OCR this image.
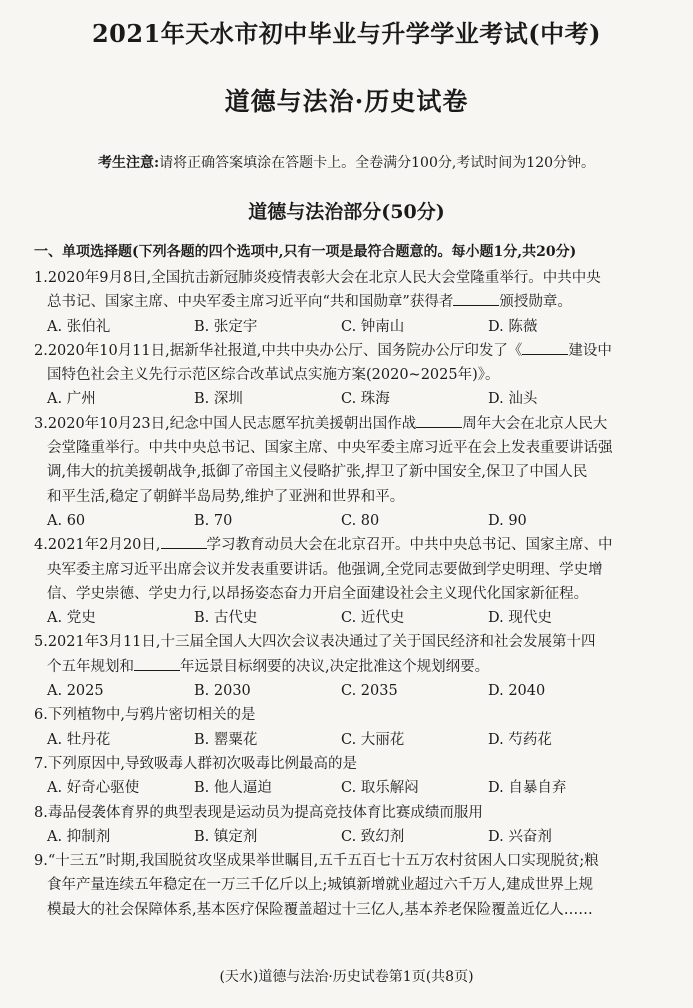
2021年天水市初中毕业与升学学业考试(中考)
道德与法治·历史试卷
考生注意:请将正确答案填涂在答题卡上。全卷满分100分,考试时间为120分钟。
道德与法治部分(50分)
一、单项选择题(下列各题的四个选项中,只有一项是最符合题意的。每小题1分,共20分)
1.2020年9月8日,全国抗击新冠肺炎疫情表彰大会在北京人民大会堂隆重举行。中共中央
总书记、国家主席、中央军委主席习近平向“共和国勋章”获得者	颁授勋章。
A. 张伯礼	B. 张定宇	C. 钟南山	D. 陈薇
2.2020年10月11日,据新华社报道,中共中央办公厅、国务院办公厅印发了《	建设中
国特色社会主义先行示范区综合改革试点实施方案(2020~2025年)》。
A. 广州	B. 深圳	C. 珠海	D. 汕头
3.2020年10月23日,纪念中国人民志愿军抗美援朝出国作战	周年大会在北京人民大
会堂隆重举行。中共中央总书记、国家主席、中央军委主席习近平在会上发表重要讲话强
调,伟大的抗美援朝战争,抵御了帝国主义侵略扩张,捍卫了新中国安全,保卫了中国人民
和平生活,稳定了朝鲜半岛局势,维护了亚洲和世界和平。
A. 60	B. 70	C. 80	D. 90
4.2021年2月20日,	学习教育动员大会在北京召开。中共中央总书记、国家主席、中
央军委主席习近平出席会议并发表重要讲话。他强调,全党同志要做到学史明理、学史增
信、学史崇德、学史力行,以昂扬姿态奋力开启全面建设社会主义现代化国家新征程。
A. 党史	B. 古代史	C. 近代史	D. 现代史
5.2021年3月11日,十三届全国人大四次会议表决通过了关于国民经济和社会发展第十四
个五年规划和	年远景目标纲要的决议,决定批准这个规划纲要。
A. 2025	B. 2030	C. 2035	D. 2040
6.下列植物中,与鸦片密切相关的是
A. 牡丹花	B. 罂粟花	C. 大丽花	D. 芍药花
7.下列原因中,导致吸毒人群初次吸毒比例最高的是
A. 好奇心驱使	B. 他人逼迫	C. 取乐解闷	D. 自暴自弃
8.毒品侵袭体育界的典型表现是运动员为提高竞技体育比赛成绩而服用
A. 抑制剂	B. 镇定剂	C. 致幻剂	D. 兴奋剂
9.“十三五”时期,我国脱贫攻坚成果举世瞩目,五千五百七十五万农村贫困人口实现脱贫;粮
食年产量连续五年稳定在一万三千亿斤以上;城镇新增就业超过六千万人,建成世界上规
模最大的社会保障体系,基本医疗保险覆盖超过十三亿人,基本养老保险覆盖近亿人……
(天水)道德与法治·历史试卷第1页(共8页)
